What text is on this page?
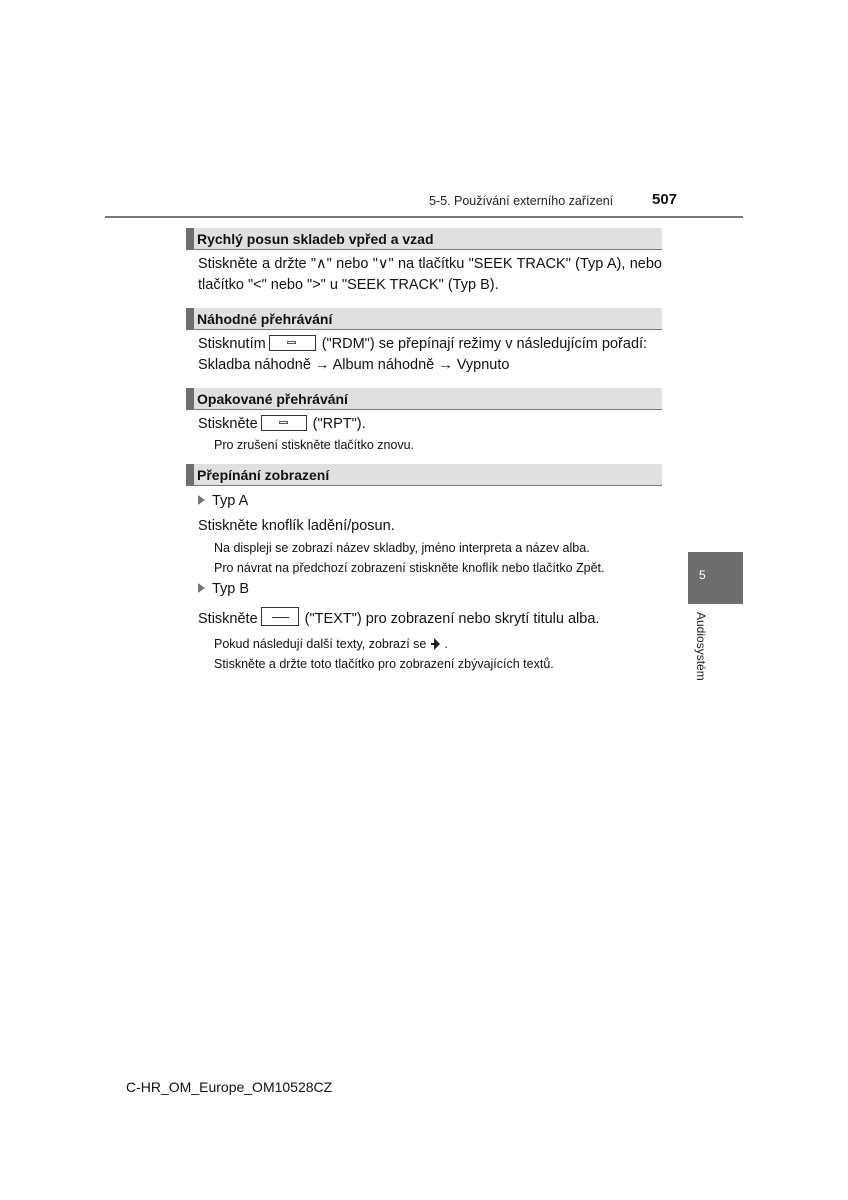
5-5. Používání externího zařízení	507
Rychlý posun skladeb vpřed a vzad
Stiskněte a držte "∧" nebo "∨" na tlačítku "SEEK TRACK" (Typ A), nebo tlačítko "<" nebo ">" u "SEEK TRACK" (Typ B).
Náhodné přehrávání
Stisknutím	("RDM") se přepínají režimy v následujícím pořadí:
Skladba náhodně → Album náhodně → Vypnuto
Opakované přehrávání
Stiskněte	("RPT").
Pro zrušení stiskněte tlačítko znovu.
Přepínání zobrazení
Typ A
Stiskněte knoflík ladění/posun.
Na displeji se zobrazí název skladby, jméno interpreta a název alba.
Pro návrat na předchozí zobrazení stiskněte knoflík nebo tlačítko Zpět.
Typ B
Stiskněte	("TEXT") pro zobrazení nebo skrytí titulu alba.
Pokud následují další texty, zobrazí se .
Stiskněte a držte toto tlačítko pro zobrazení zbývajících textů.
5
Audiosystém
C-HR_OM_Europe_OM10528CZ
